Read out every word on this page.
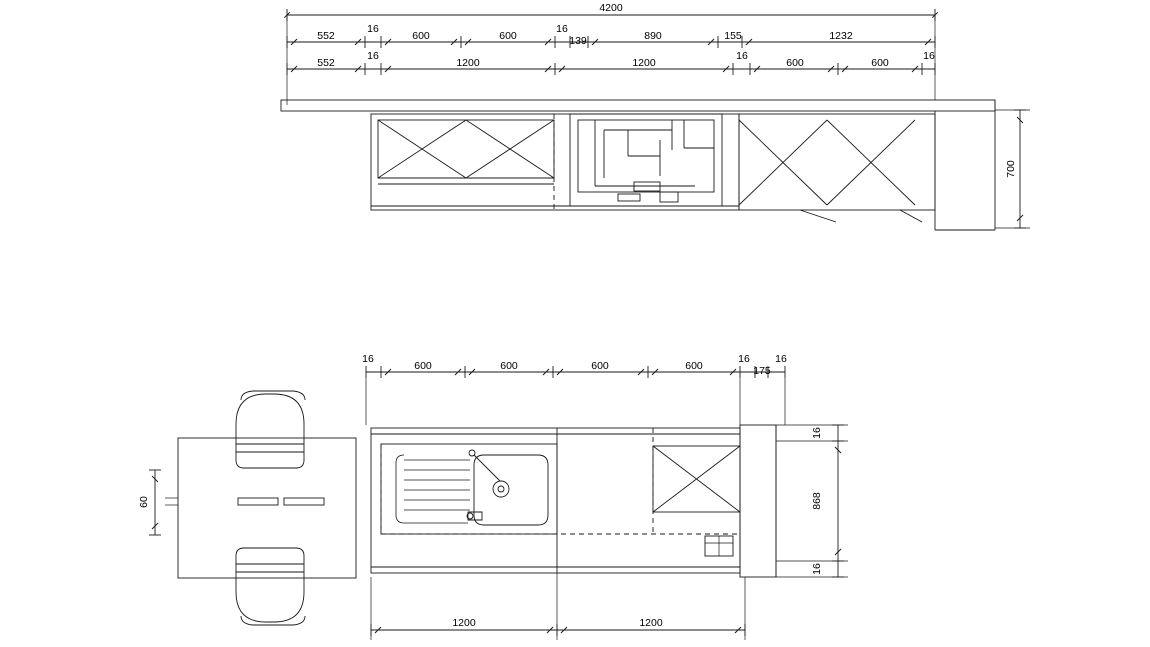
4200
552
16
600	600
16
139	890	155	1232
552
16
1200	1200
16
600	600
16
16
600	600	600	600
16
175
16
1200	1200
700
60
16
868
16
